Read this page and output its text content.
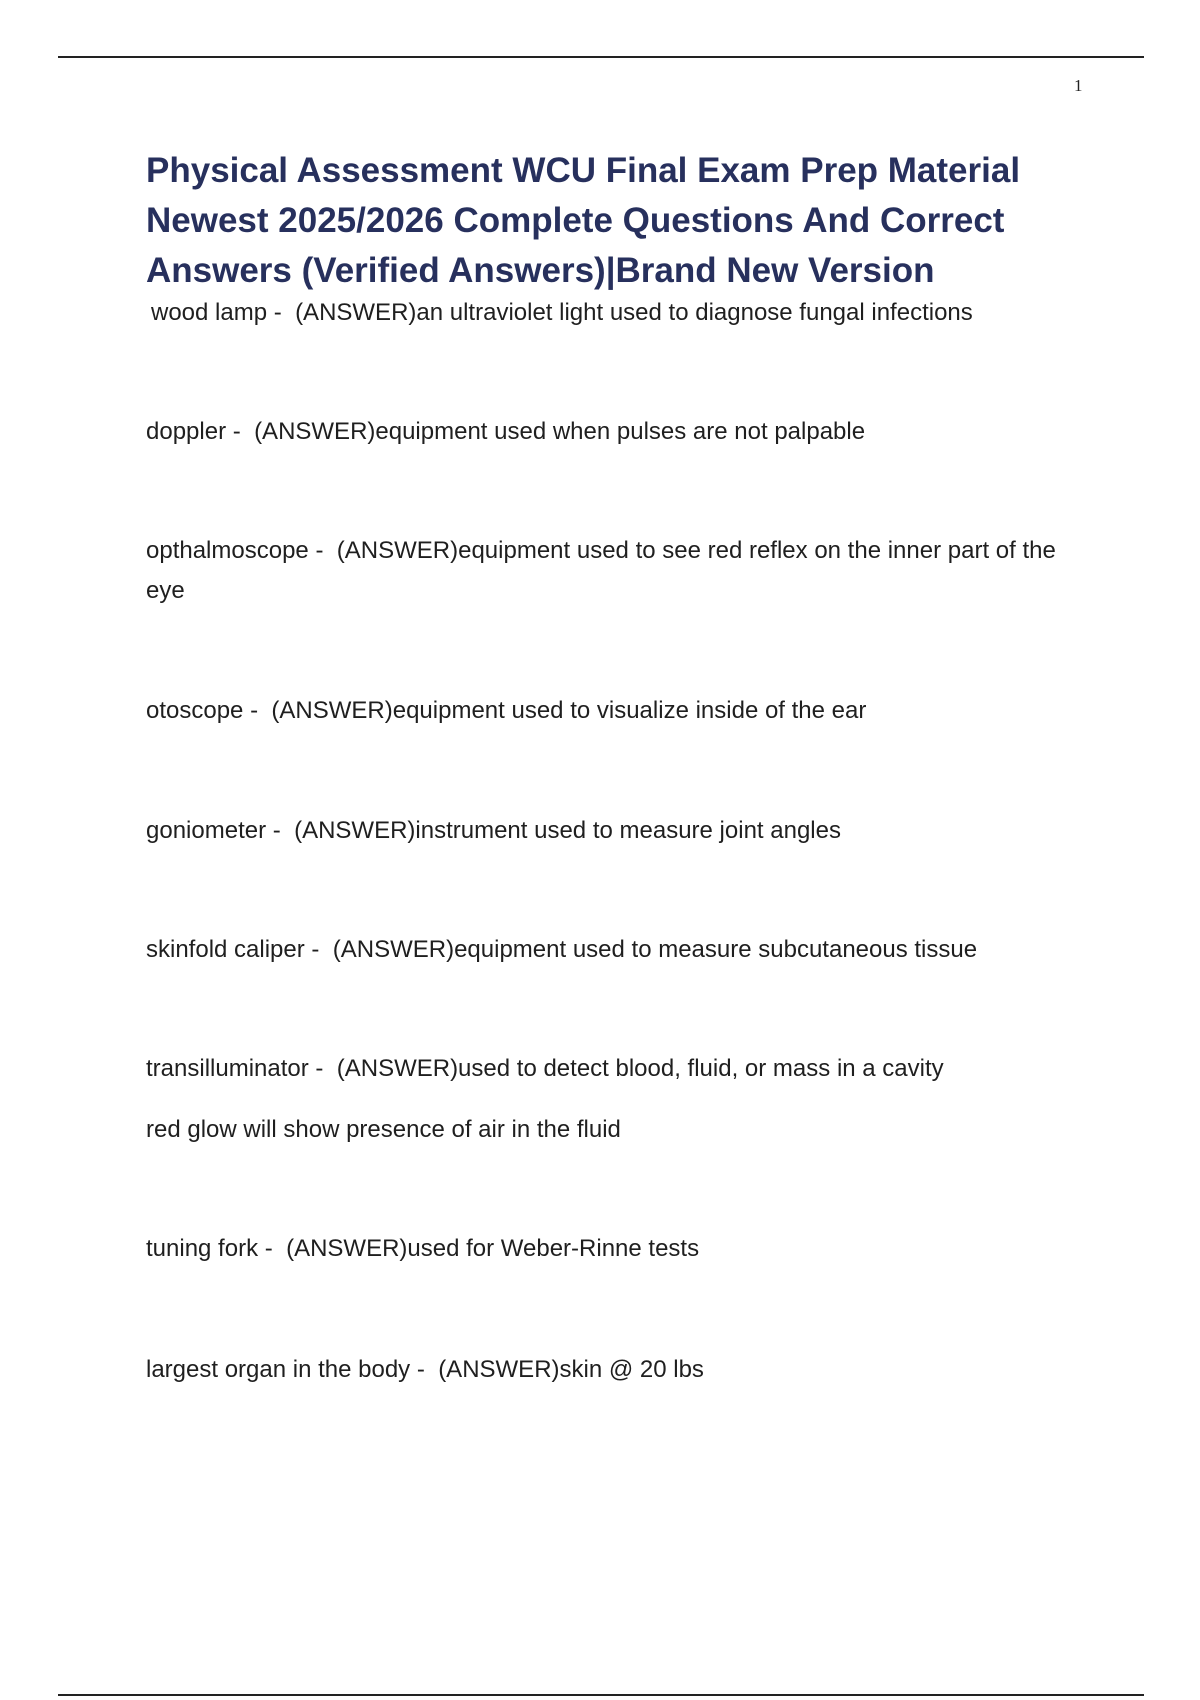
1
Physical Assessment WCU Final Exam Prep Material Newest 2025/2026 Complete Questions And Correct Answers (Verified Answers)|Brand New Version

wood lamp -  (ANSWER)an ultraviolet light used to diagnose fungal infections

doppler -  (ANSWER)equipment used when pulses are not palpable

opthalmoscope -  (ANSWER)equipment used to see red reflex on the inner part of the eye

otoscope -  (ANSWER)equipment used to visualize inside of the ear

goniometer -  (ANSWER)instrument used to measure joint angles

skinfold caliper -  (ANSWER)equipment used to measure subcutaneous tissue

transilluminator -  (ANSWER)used to detect blood, fluid, or mass in a cavity

red glow will show presence of air in the fluid

tuning fork -  (ANSWER)used for Weber-Rinne tests

largest organ in the body -  (ANSWER)skin @ 20 lbs
